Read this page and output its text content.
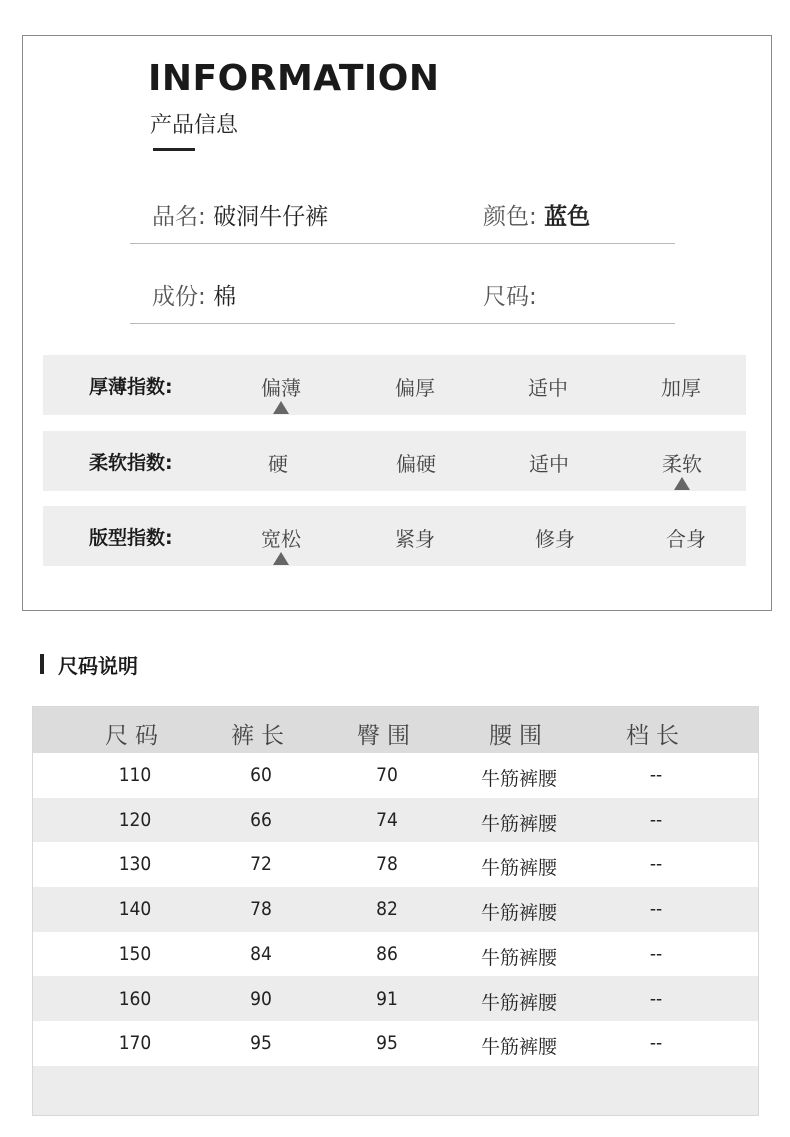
INFORMATION
产品信息
品名: 破洞牛仔裤	颜色: 蓝色
成份: 棉	尺码:
厚薄指数:	偏薄	偏厚	适中	加厚
柔软指数:	硬	偏硬	适中	柔软
版型指数:	宽松	紧身	修身	合身
尺码说明
尺码	裤长	臀围	腰围	档长
110	60	70	牛筋裤腰	--
120	66	74	牛筋裤腰	--
130	72	78	牛筋裤腰	--
140	78	82	牛筋裤腰	--
150	84	86	牛筋裤腰	--
160	90	91	牛筋裤腰	--
170	95	95	牛筋裤腰	--
